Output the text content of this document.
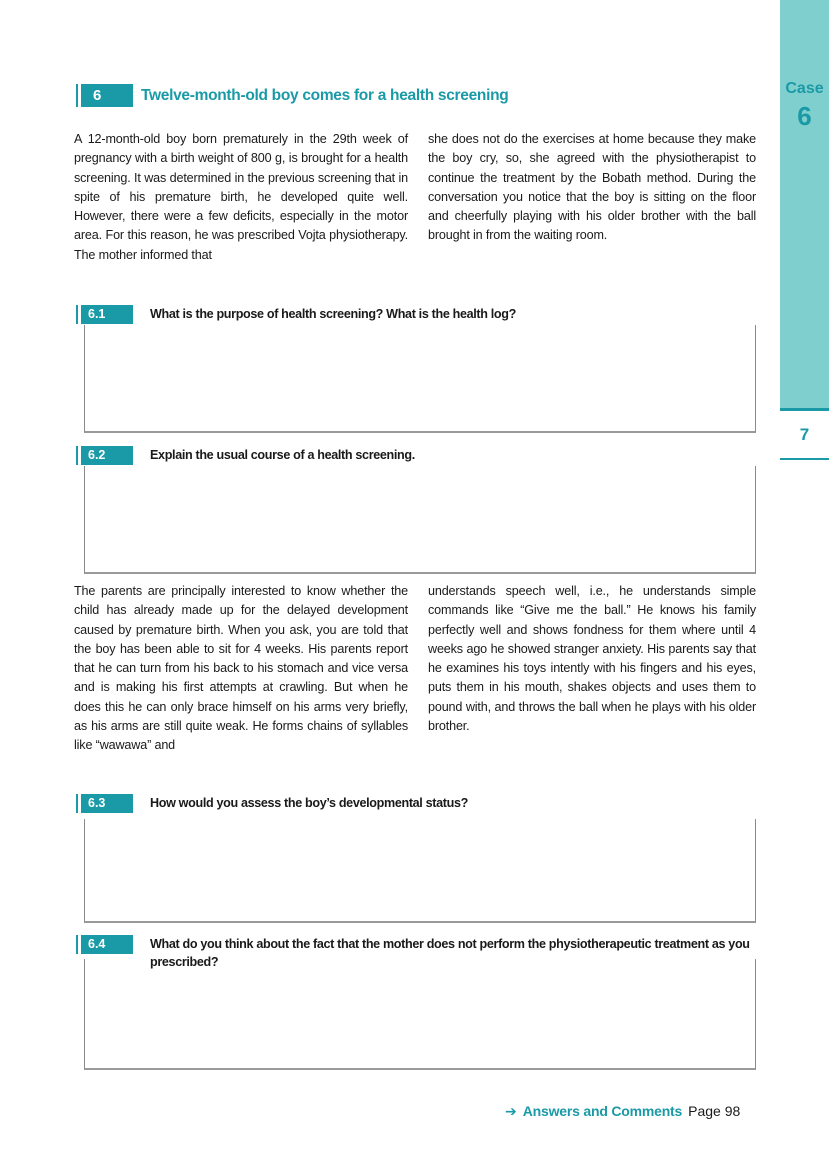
Case
6
7
6	Twelve-month-old boy comes for a health screening

A 12-month-old boy born prematurely in the 29th week of pregnancy with a birth weight of 800 g, is brought for a health screening. It was determined in the previous screening that in spite of his premature birth, he developed quite well. However, there were a few deficits, especially in the motor area. For this reason, he was prescribed Vojta physiotherapy. The mother informed that

she does not do the exercises at home because they make the boy cry, so, she agreed with the physiotherapist to continue the treatment by the Bobath method. During the conversation you notice that the boy is sitting on the floor and cheerfully playing with his older brother with the ball brought in from the waiting room.

6.1	What is the purpose of health screening? What is the health log?
6.2	Explain the usual course of a health screening.

The parents are principally interested to know whether the child has already made up for the delayed development caused by premature birth. When you ask, you are told that the boy has been able to sit for 4 weeks. His parents report that he can turn from his back to his stomach and vice versa and is making his first attempts at crawling. But when he does this he can only brace himself on his arms very briefly, as his arms are still quite weak. He forms chains of syllables like “wawawa” and

understands speech well, i.e., he understands simple commands like “Give me the ball.” He knows his family perfectly well and shows fondness for them where until 4 weeks ago he showed stranger anxiety. His parents say that he examines his toys intently with his fingers and his eyes, puts them in his mouth, shakes objects and uses them to pound with, and throws the ball when he plays with his older brother.

6.3	How would you assess the boy’s developmental status?
6.4	What do you think about the fact that the mother does not perform the physiotherapeutic treatment as you prescribed?
➔ Answers and Comments Page 98
